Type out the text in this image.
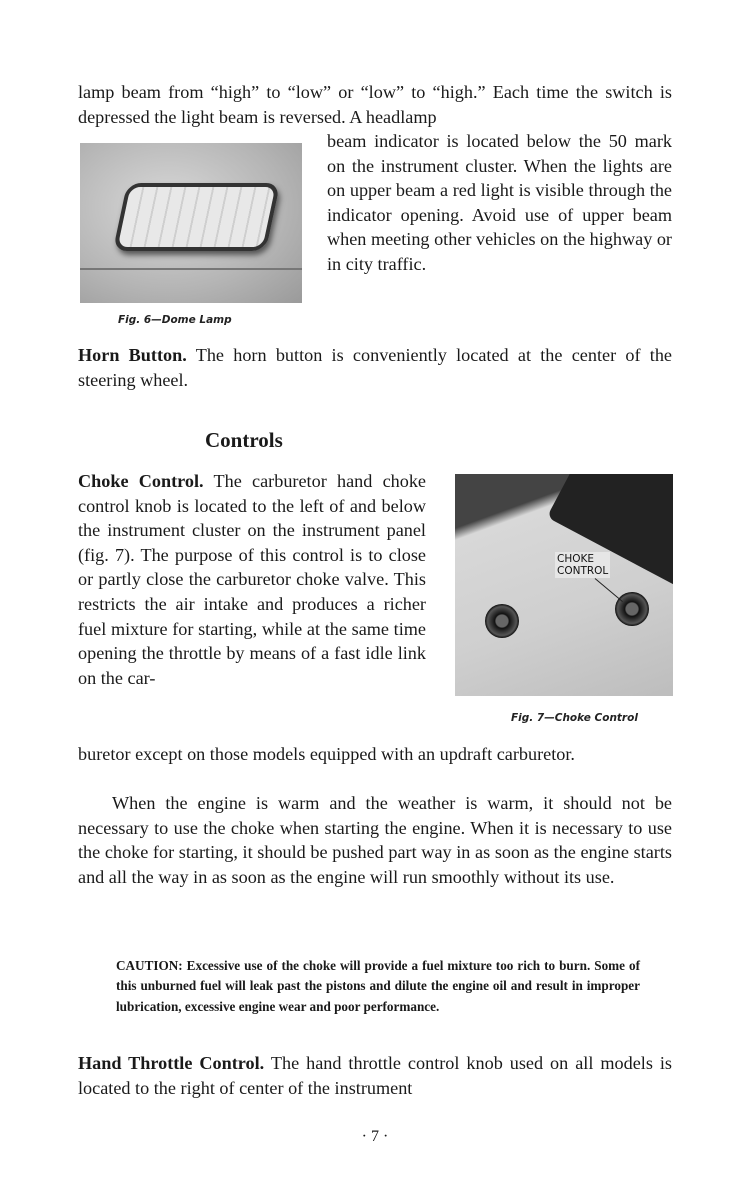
lamp beam from “high” to “low” or “low” to “high.” Each time the switch is depressed the light beam is reversed. A headlamp
beam indicator is located below the 50 mark on the instrument cluster. When the lights are on upper beam a red light is visible through the indicator opening. Avoid use of upper beam when meeting other vehicles on the highway or in city traffic.
Fig. 6—Dome Lamp
Horn Button. The horn button is conveniently located at the center of the steering wheel.
Controls
Choke Control. The carburetor hand choke control knob is located to the left of and below the instrument cluster on the instrument panel (fig. 7). The purpose of this control is to close or partly close the carburetor choke valve. This restricts the air intake and produces a richer fuel mixture for starting, while at the same time opening the throttle by means of a fast idle link on the car-
buretor except on those models equipped with an updraft carburetor.
When the engine is warm and the weather is warm, it should not be necessary to use the choke when starting the engine. When it is necessary to use the choke for starting, it should be pushed part way in as soon as the engine starts and all the way in as soon as the engine will run smoothly without its use.
CHOKE
CONTROL
Fig. 7—Choke Control
CAUTION: Excessive use of the choke will provide a fuel mixture too rich to burn. Some of this unburned fuel will leak past the pistons and dilute the engine oil and result in improper lubrication, excessive engine wear and poor performance.
Hand Throttle Control. The hand throttle control knob used on all models is located to the right of center of the instrument
· 7 ·
